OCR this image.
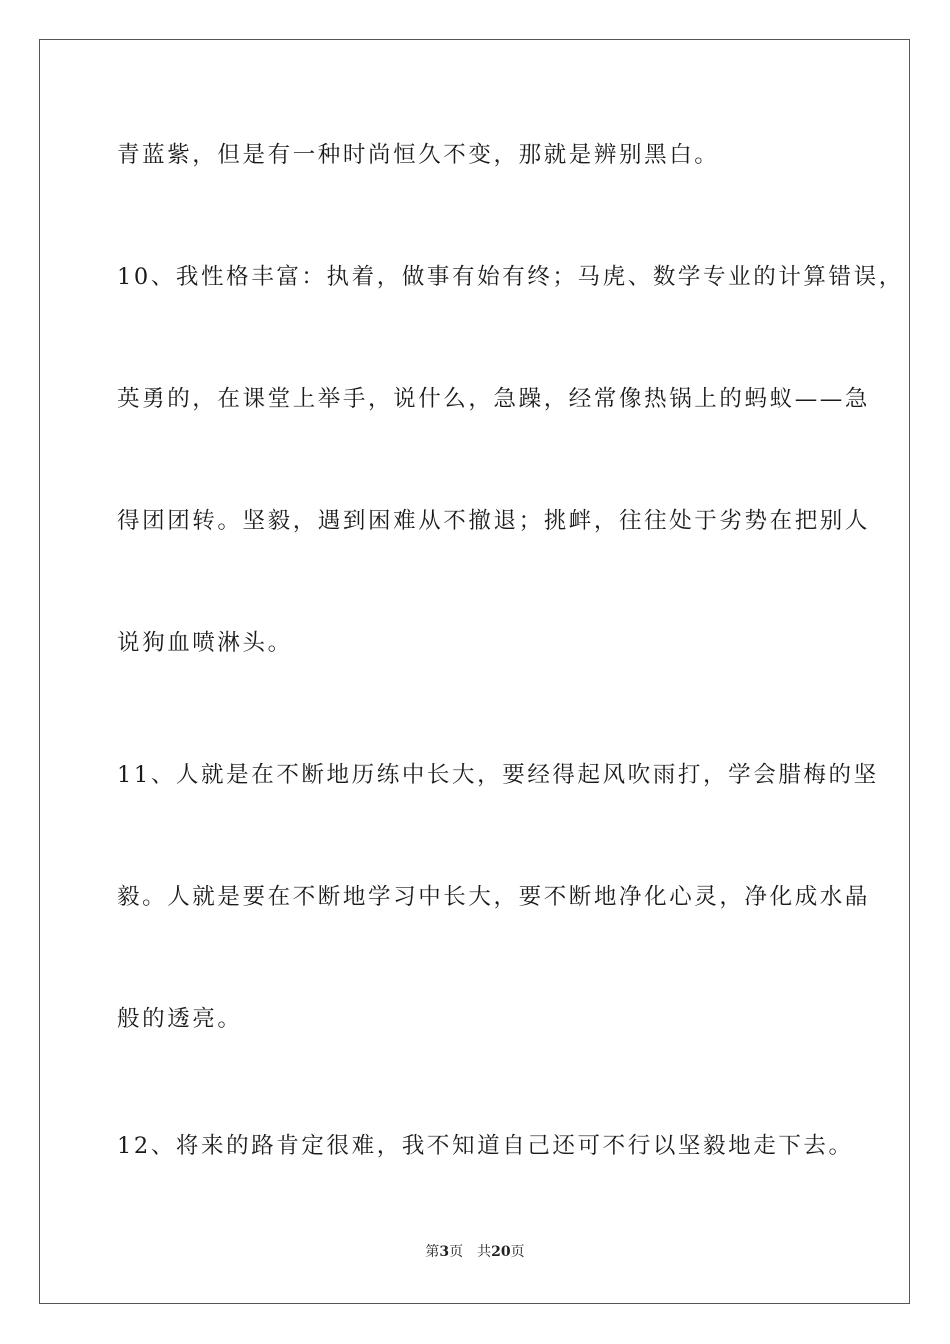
青蓝紫，但是有一种时尚恒久不变，那就是辨别黑白。
10、我性格丰富：执着，做事有始有终；马虎、数学专业的计算错误，
英勇的，在课堂上举手，说什么，急躁，经常像热锅上的蚂蚁——急
得团团转。坚毅，遇到困难从不撤退；挑衅，往往处于劣势在把别人
说狗血喷淋头。
11、人就是在不断地历练中长大，要经得起风吹雨打，学会腊梅的坚
毅。人就是要在不断地学习中长大，要不断地净化心灵，净化成水晶
般的透亮。
12、将来的路肯定很难，我不知道自己还可不行以坚毅地走下去。
第3页 共20页
